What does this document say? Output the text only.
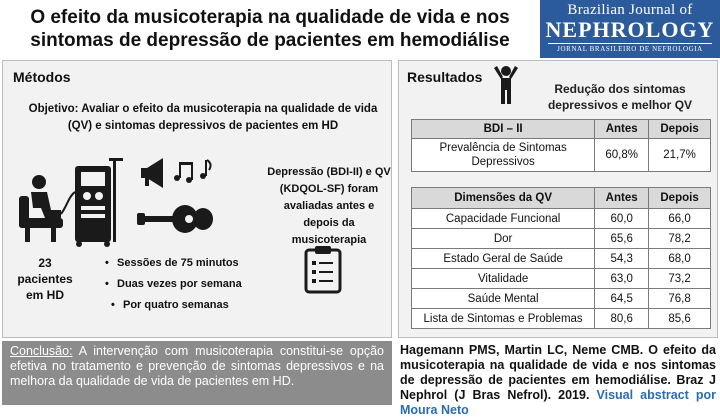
O efeito da musicoterapia na qualidade de vida e nos sintomas de depressão de pacientes em hemodiálise
Brazilian Journal of
NEPHROLOGY
JORNAL BRASILEIRO DE NEFROLOGIA
Métodos
Objetivo: Avaliar o efeito da musicoterapia na qualidade de vida (QV) e sintomas depressivos de pacientes em HD
Depressão (BDI-II) e QV (KDQOL-SF) foram avaliadas antes e depois da musicoterapia
23 pacientes em HD
• Sessões de 75 minutos
• Duas vezes por semana
• Por quatro semanas
Resultados
Redução dos sintomas depressivos e melhor QV
BDI – II	Antes	Depois
Prevalência de Sintomas Depressivos	60,8%	21,7%
Dimensões da QV	Antes	Depois
Capacidade Funcional	60,0	66,0
Dor	65,6	78,2
Estado Geral de Saúde	54,3	68,0
Vitalidade	63,0	73,2
Saúde Mental	64,5	76,8
Lista de Sintomas e Problemas	80,6	85,6
Conclusão: A intervenção com musicoterapia constitui-se opção efetiva no tratamento e prevenção de sintomas depressivos e na melhora da qualidade de vida de pacientes em HD.
Hagemann PMS, Martin LC, Neme CMB. O efeito da musicoterapia na qualidade de vida e nos sintomas de depressão de pacientes em hemodiálise. Braz J Nephrol (J Bras Nefrol). 2019. Visual abstract por Moura Neto
